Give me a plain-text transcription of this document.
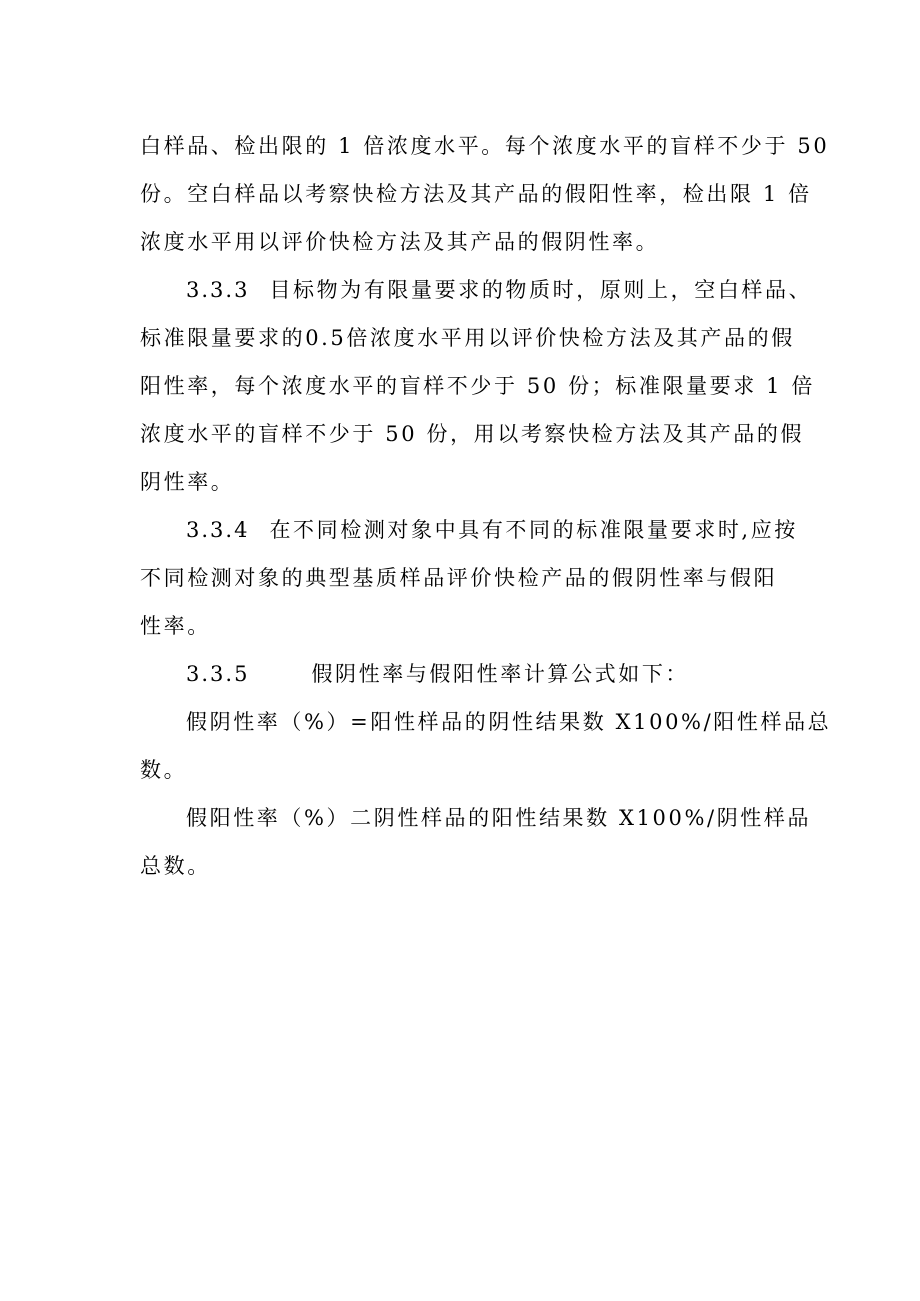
白样品、检出限的 1 倍浓度水平。每个浓度水平的盲样不少于 50
份。空白样品以考察快检方法及其产品的假阳性率，检出限 1 倍
浓度水平用以评价快检方法及其产品的假阴性率。
3.3.3 目标物为有限量要求的物质时，原则上，空白样品、
标准限量要求的0.5倍浓度水平用以评价快检方法及其产品的假
阳性率，每个浓度水平的盲样不少于 50 份；标准限量要求 1 倍
浓度水平的盲样不少于 50 份，用以考察快检方法及其产品的假
阴性率。
3.3.4 在不同检测对象中具有不同的标准限量要求时,应按
不同检测对象的典型基质样品评价快检产品的假阴性率与假阳
性率。
3.3.5	假阴性率与假阳性率计算公式如下：
假阴性率（%）=阳性样品的阴性结果数 X100%/阳性样品总
数。
假阳性率（%）二阴性样品的阳性结果数 X100%/阴性样品
总数。
